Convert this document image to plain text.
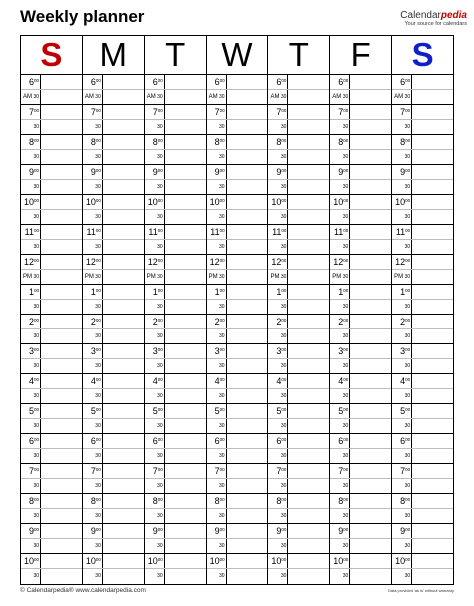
Weekly planner	Calendarpedia
Your source for calendars
S
6 00
AM 30
7 00
30
8 00
30
9 00
30
10 00
30
11 00
30
12 00
PM 30
1 00
30
2 00
30
3 00
30
4 00
30
5 00
30
6 00
30
7 00
30
8 00
30
9 00
30
10 00
30
M
6 00
AM 30
7 00
30
8 00
30
9 00
30
10 00
30
11 00
30
12 00
PM 30
1 00
30
2 00
30
3 00
30
4 00
30
5 00
30
6 00
30
7 00
30
8 00
30
9 00
30
10 00
30
T
6 00
AM 30
7 00
30
8 00
30
9 00
30
10 00
30
11 00
30
12 00
PM 30
1 00
30
2 00
30
3 00
30
4 00
30
5 00
30
6 00
30
7 00
30
8 00
30
9 00
30
10 00
30
W
6 00
AM 30
7 00
30
8 00
30
9 00
30
10 00
30
11 00
30
12 00
PM 30
1 00
30
2 00
30
3 00
30
4 00
30
5 00
30
6 00
30
7 00
30
8 00
30
9 00
30
10 00
30
T
6 00
AM 30
7 00
30
8 00
30
9 00
30
10 00
30
11 00
30
12 00
PM 30
1 00
30
2 00
30
3 00
30
4 00
30
5 00
30
6 00
30
7 00
30
8 00
30
9 00
30
10 00
30
F
6 00
AM 30
7 00
30
8 00
30
9 00
30
10 00
30
11 00
30
12 00
PM 30
1 00
30
2 00
30
3 00
30
4 00
30
5 00
30
6 00
30
7 00
30
8 00
30
9 00
30
10 00
30
S
6 00
AM 30
7 00
30
8 00
30
9 00
30
10 00
30
11 00
30
12 00
PM 30
1 00
30
2 00
30
3 00
30
4 00
30
5 00
30
6 00
30
7 00
30
8 00
30
9 00
30
10 00
30
© Calendarpedia® www.calendarpedia.com	Data provided 'as is' without warranty
